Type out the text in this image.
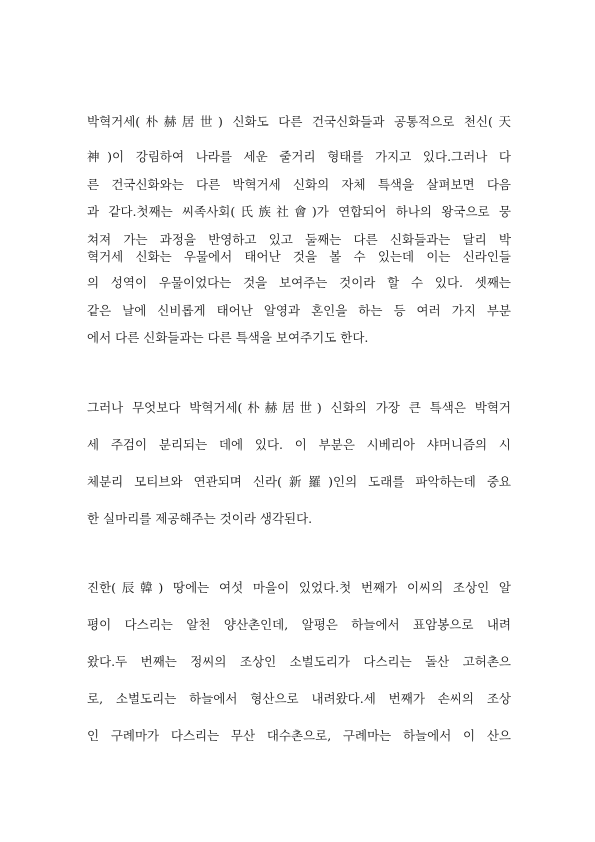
박혁거세(朴赫居世) 신화도 다른 건국신화들과 공통적으로 천신(天
神)이 강림하여 나라를 세운 줄거리 형태를 가지고 있다.그러나 다
른 건국신화와는 다른 박혁거세 신화의 자체 특색을 살펴보면 다음
과 같다.첫째는 씨족사회(氏族社會)가 연합되어 하나의 왕국으로 뭉
쳐져 가는 과정을 반영하고 있고 둘째는 다른 신화들과는 달리 박
혁거세 신화는 우물에서 태어난 것을 볼 수 있는데 이는 신라인들
의 성역이 우물이었다는 것을 보여주는 것이라 할 수 있다. 셋째는
같은 날에 신비롭게 태어난 알영과 혼인을 하는 등 여러 가지 부분
에서 다른 신화들과는 다른 특색을 보여주기도 한다.
그러나 무엇보다 박혁거세(朴赫居世) 신화의 가장 큰 특색은 박혁거
세 주검이 분리되는 데에 있다. 이 부분은 시베리아 샤머니즘의 시
체분리 모티브와 연관되며 신라(新羅)인의 도래를 파악하는데 중요
한 실마리를 제공해주는 것이라 생각된다.
진한(辰韓) 땅에는 여섯 마을이 있었다.첫 번째가 이씨의 조상인 알
평이 다스리는 알천 양산촌인데, 알평은 하늘에서 표암봉으로 내려
왔다.두 번째는 정씨의 조상인 소벌도리가 다스리는 돌산 고허촌으
로, 소벌도리는 하늘에서 형산으로 내려왔다.세 번째가 손씨의 조상
인 구례마가 다스리는 무산 대수촌으로, 구례마는 하늘에서 이 산으
